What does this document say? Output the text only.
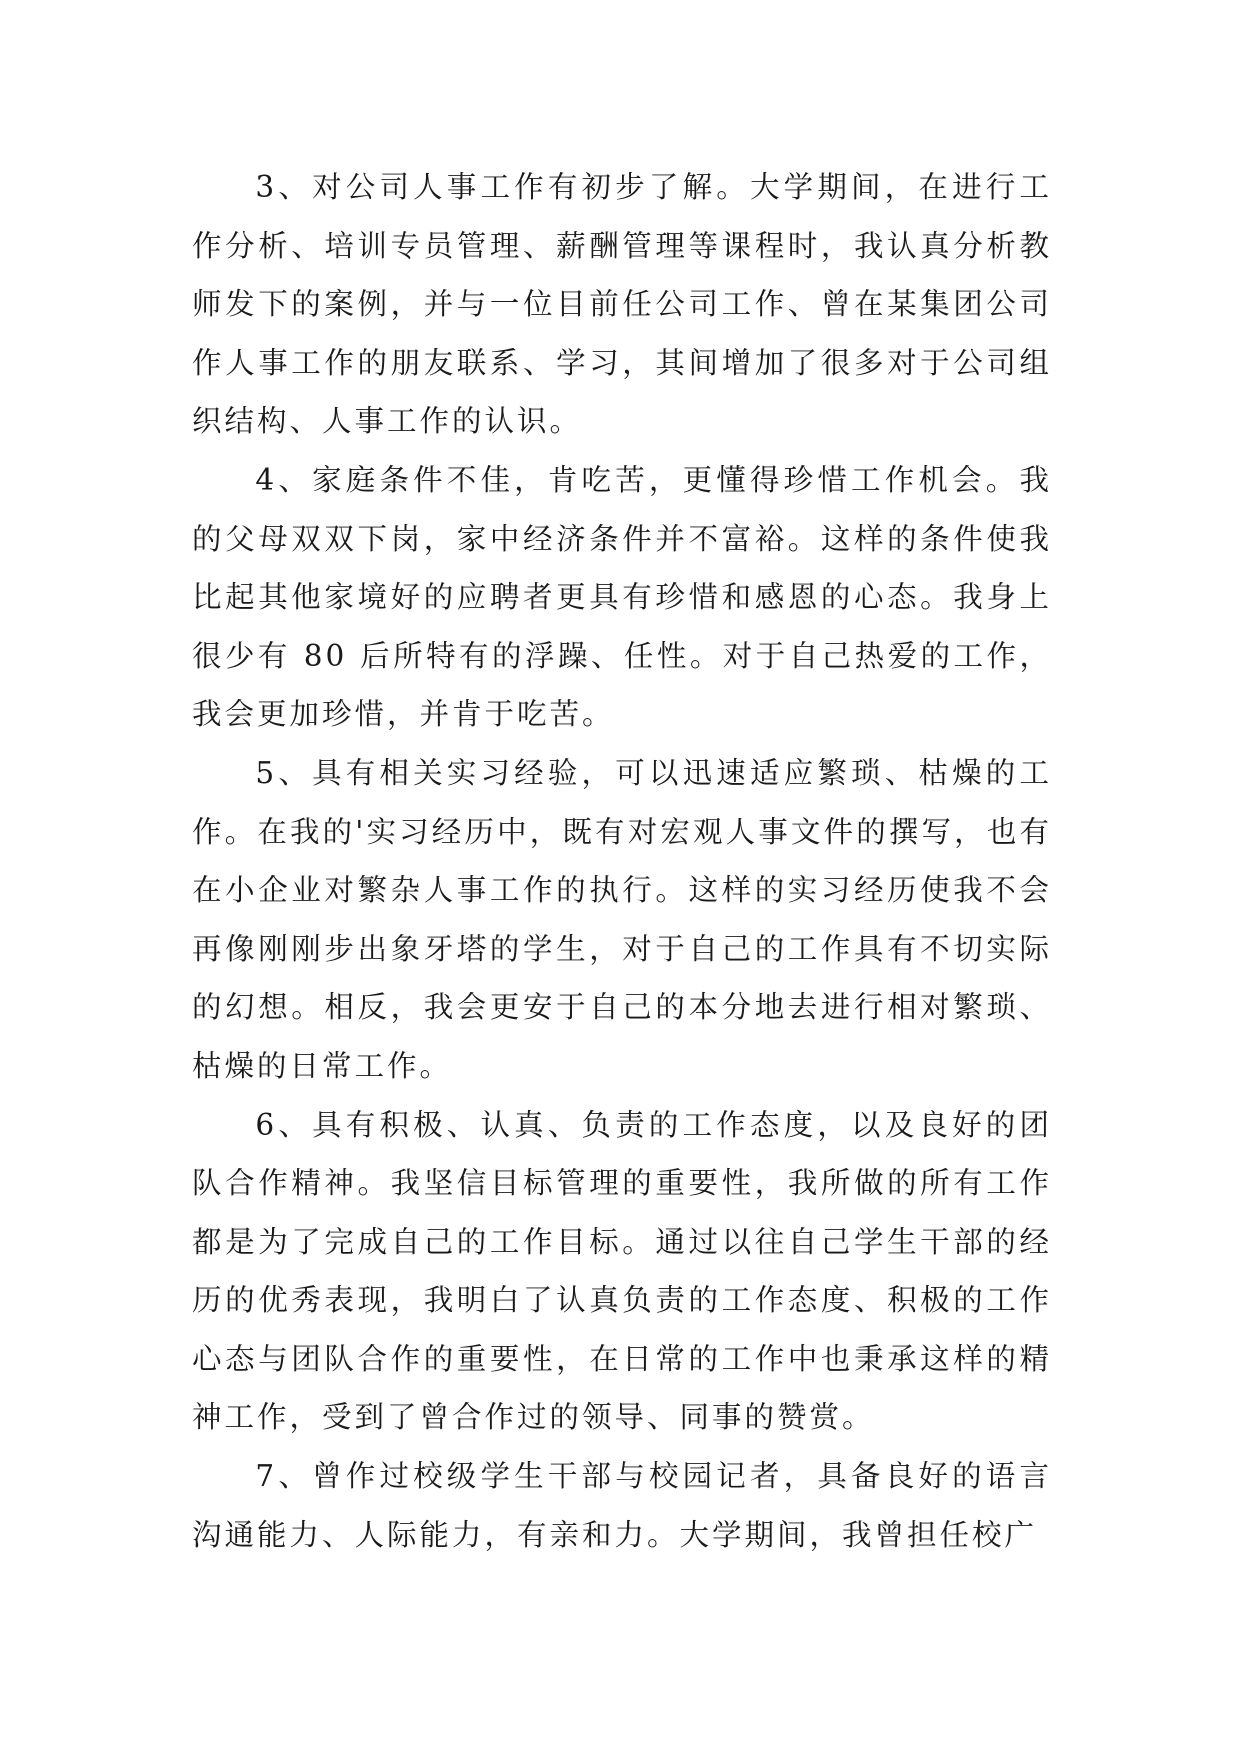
3、对公司人事工作有初步了解。大学期间，在进行工作分析、培训专员管理、薪酬管理等课程时，我认真分析教师发下的案例，并与一位目前任公司工作、曾在某集团公司作人事工作的朋友联系、学习，其间增加了很多对于公司组织结构、人事工作的认识。

4、家庭条件不佳，肯吃苦，更懂得珍惜工作机会。我的父母双双下岗，家中经济条件并不富裕。这样的条件使我比起其他家境好的应聘者更具有珍惜和感恩的心态。我身上很少有 80 后所特有的浮躁、任性。对于自己热爱的工作，我会更加珍惜，并肯于吃苦。

5、具有相关实习经验，可以迅速适应繁琐、枯燥的工作。在我的'实习经历中，既有对宏观人事文件的撰写，也有在小企业对繁杂人事工作的执行。这样的实习经历使我不会再像刚刚步出象牙塔的学生，对于自己的工作具有不切实际的幻想。相反，我会更安于自己的本分地去进行相对繁琐、枯燥的日常工作。

6、具有积极、认真、负责的工作态度，以及良好的团队合作精神。我坚信目标管理的重要性，我所做的所有工作都是为了完成自己的工作目标。通过以往自己学生干部的经历的优秀表现，我明白了认真负责的工作态度、积极的工作心态与团队合作的重要性，在日常的工作中也秉承这样的精神工作，受到了曾合作过的领导、同事的赞赏。

7、曾作过校级学生干部与校园记者，具备良好的语言沟通能力、人际能力，有亲和力。大学期间，我曾担任校广
